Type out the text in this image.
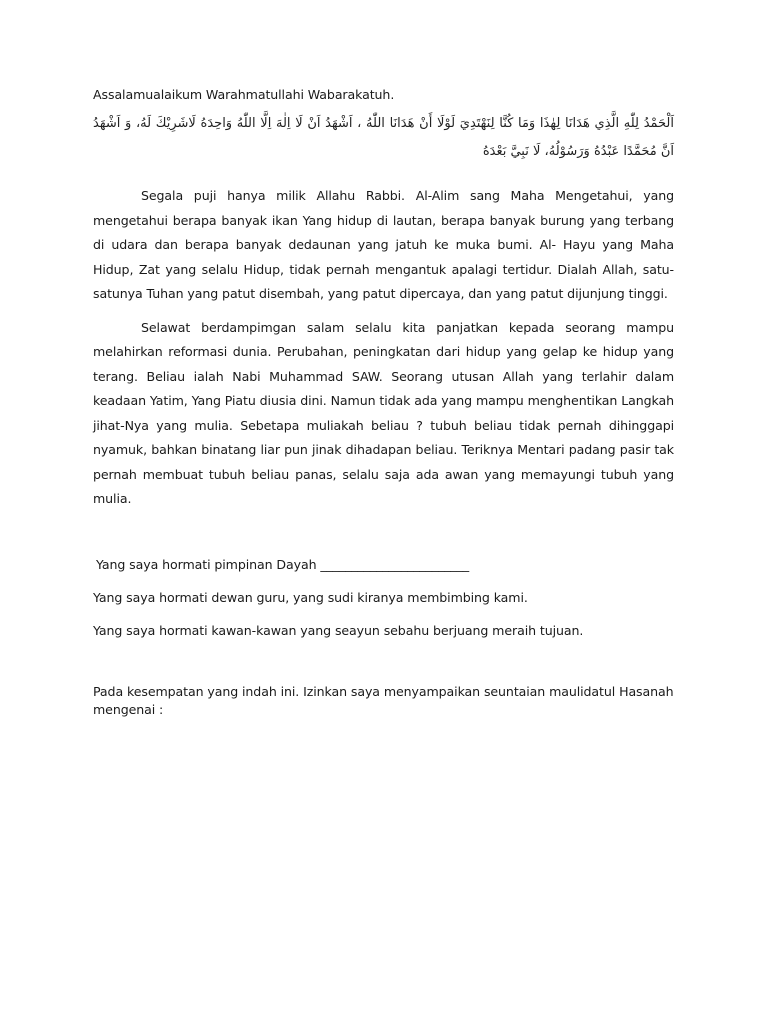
Assalamualaikum Warahmatullahi Wabarakatuh.

اَلْحَمْدُ لِلّٰهِ الَّذِي هَدَانَا لِهٰذَا وَمَا كُنَّا لِنَهْتَدِيَ لَوْلَا أَنْ هَدَانَا اللّٰهُ ، اَشْهَدُ اَنْ لَا اِلٰهَ اِلَّا اللّٰهُ وَاحِدَهُ لَاشَرِيْكَ لَهُ، وَ اَشْهَدُ اَنَّ مُحَمَّدًا عَبْدُهُ وَرَسُوْلُهُ، لَا نَبِيَّ بَعْدَهُ

Segala puji hanya milik Allahu Rabbi. Al-Alim sang Maha Mengetahui, yang mengetahui berapa banyak ikan Yang hidup di lautan, berapa banyak burung yang terbang di udara dan berapa banyak dedaunan yang jatuh ke muka bumi. Al- Hayu yang Maha Hidup, Zat yang selalu Hidup, tidak pernah mengantuk apalagi tertidur. Dialah Allah, satu-satunya Tuhan yang patut disembah, yang patut dipercaya, dan yang patut dijunjung tinggi.

Selawat berdampimgan salam selalu kita panjatkan kepada seorang mampu melahirkan reformasi dunia. Perubahan, peningkatan dari hidup yang gelap ke hidup yang terang. Beliau ialah Nabi Muhammad SAW. Seorang utusan Allah yang terlahir dalam keadaan Yatim, Yang Piatu diusia dini. Namun tidak ada yang mampu menghentikan Langkah jihat-Nya yang mulia. Sebetapa muliakah beliau ? tubuh beliau tidak pernah dihinggapi nyamuk, bahkan binatang liar pun jinak dihadapan beliau. Teriknya Mentari padang pasir tak pernah membuat tubuh beliau panas, selalu saja ada awan yang memayungi tubuh yang mulia.

Yang saya hormati pimpinan Dayah ________________________

Yang saya hormati dewan guru, yang sudi kiranya membimbing kami.

Yang saya hormati kawan-kawan yang seayun sebahu berjuang meraih tujuan.

Pada kesempatan yang indah ini. Izinkan saya menyampaikan seuntaian maulidatul Hasanah mengenai :
